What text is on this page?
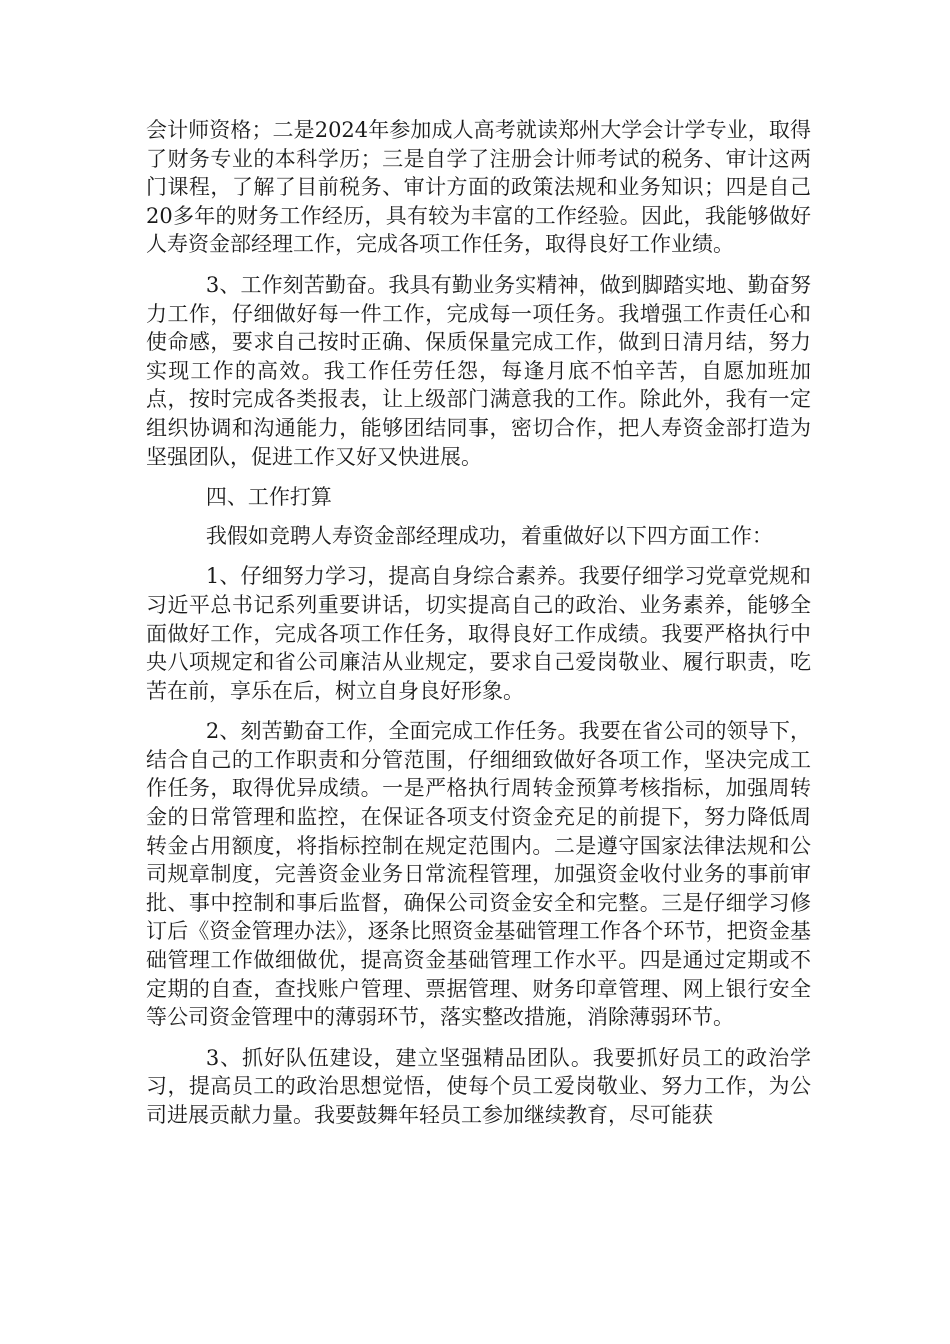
会计师资格；二是2024年参加成人高考就读郑州大学会计学专业，取得了财务专业的本科学历；三是自学了注册会计师考试的税务、审计这两门课程，了解了目前税务、审计方面的政策法规和业务知识；四是自己20多年的财务工作经历，具有较为丰富的工作经验。因此，我能够做好人寿资金部经理工作，完成各项工作任务，取得良好工作业绩。

3、工作刻苦勤奋。我具有勤业务实精神，做到脚踏实地、勤奋努力工作，仔细做好每一件工作，完成每一项任务。我增强工作责任心和使命感，要求自己按时正确、保质保量完成工作，做到日清月结，努力实现工作的高效。我工作任劳任怨，每逢月底不怕辛苦，自愿加班加点，按时完成各类报表，让上级部门满意我的工作。除此外，我有一定组织协调和沟通能力，能够团结同事，密切合作，把人寿资金部打造为坚强团队，促进工作又好又快进展。

四、工作打算

我假如竞聘人寿资金部经理成功，着重做好以下四方面工作：

1、仔细努力学习，提高自身综合素养。我要仔细学习党章党规和习近平总书记系列重要讲话，切实提高自己的政治、业务素养，能够全面做好工作，完成各项工作任务，取得良好工作成绩。我要严格执行中央八项规定和省公司廉洁从业规定，要求自己爱岗敬业、履行职责，吃苦在前，享乐在后，树立自身良好形象。

2、刻苦勤奋工作，全面完成工作任务。我要在省公司的领导下，结合自己的工作职责和分管范围，仔细细致做好各项工作，坚决完成工作任务，取得优异成绩。一是严格执行周转金预算考核指标，加强周转金的日常管理和监控，在保证各项支付资金充足的前提下，努力降低周转金占用额度，将指标控制在规定范围内。二是遵守国家法律法规和公司规章制度，完善资金业务日常流程管理，加强资金收付业务的事前审批、事中控制和事后监督，确保公司资金安全和完整。三是仔细学习修订后《资金管理办法》，逐条比照资金基础管理工作各个环节，把资金基础管理工作做细做优，提高资金基础管理工作水平。四是通过定期或不定期的自查，查找账户管理、票据管理、财务印章管理、网上银行安全等公司资金管理中的薄弱环节，落实整改措施，消除薄弱环节。

3、抓好队伍建设，建立坚强精品团队。我要抓好员工的政治学习，提高员工的政治思想觉悟，使每个员工爱岗敬业、努力工作，为公司进展贡献力量。我要鼓舞年轻员工参加继续教育，尽可能获
